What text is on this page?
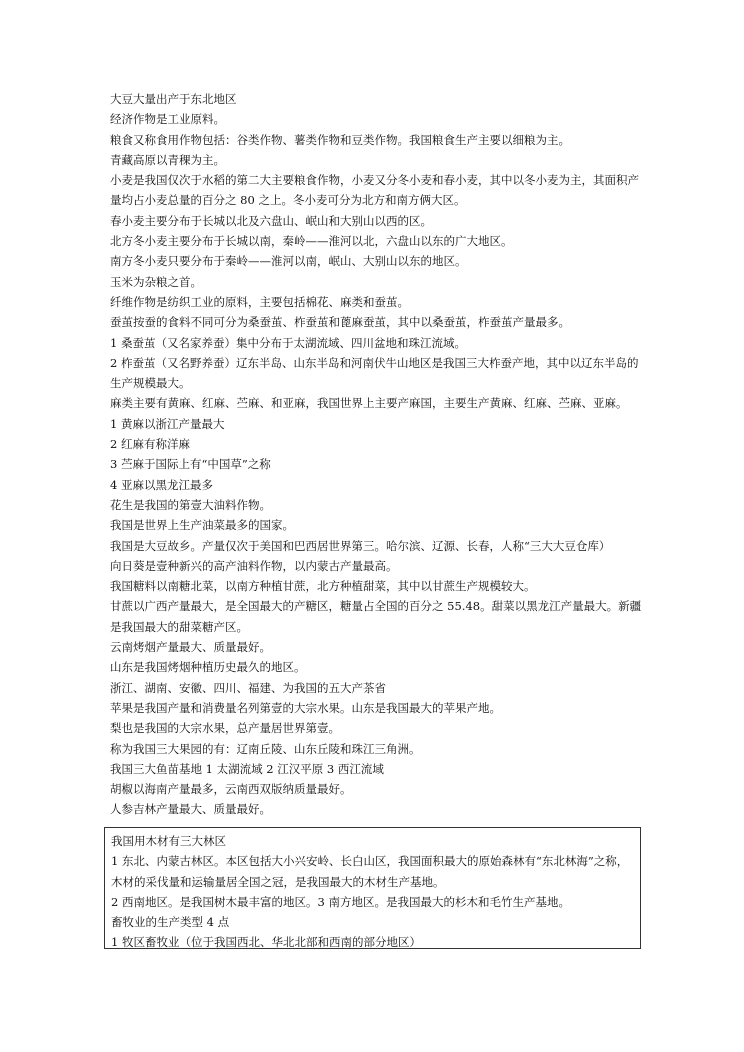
大豆大量出产于东北地区

经济作物是工业原料。

粮食又称食用作物包括：谷类作物、薯类作物和豆类作物。我国粮食生产主要以细粮为主。

青藏高原以青稞为主。

小麦是我国仅次于水稻的第二大主要粮食作物，小麦又分冬小麦和春小麦，其中以冬小麦为主，其面积产量均占小麦总量的百分之 80 之上。冬小麦可分为北方和南方俩大区。

春小麦主要分布于长城以北及六盘山、岷山和大别山以西的区。

北方冬小麦主要分布于长城以南，秦岭——淮河以北，六盘山以东的广大地区。

南方冬小麦只要分布于秦岭——淮河以南，岷山、大别山以东的地区。

玉米为杂粮之首。

纤维作物是纺织工业的原料，主要包括棉花、麻类和蚕茧。

蚕茧按蚕的食料不同可分为桑蚕茧、柞蚕茧和蓖麻蚕茧，其中以桑蚕茧，柞蚕茧产量最多。

1 桑蚕茧（又名家养蚕）集中分布于太湖流域、四川盆地和珠江流域。

2 柞蚕茧（又名野养蚕）辽东半岛、山东半岛和河南伏牛山地区是我国三大柞蚕产地，其中以辽东半岛的生产规模最大。

麻类主要有黄麻、红麻、苎麻、和亚麻，我国世界上主要产麻国，主要生产黄麻、红麻、苎麻、亚麻。

1 黄麻以浙江产量最大

2 红麻有称洋麻

3 苎麻于国际上有“中国草”之称

4 亚麻以黑龙江最多

花生是我国的第壹大油料作物。

我国是世界上生产油菜最多的国家。

我国是大豆故乡。产量仅次于美国和巴西居世界第三。哈尔滨、辽源、长春，人称“三大大豆仓库）

向日葵是壹种新兴的高产油料作物，以内蒙古产量最高。

我国糖料以南糖北菜，以南方种植甘蔗，北方种植甜菜，其中以甘蔗生产规模较大。

甘蔗以广西产量最大，是全国最大的产糖区，糖量占全国的百分之 55.48。甜菜以黑龙江产量最大。新疆是我国最大的甜菜糖产区。

云南烤烟产量最大、质量最好。

山东是我国烤烟种植历史最久的地区。

浙江、湖南、安徽、四川、福建、为我国的五大产茶省

苹果是我国产量和消费量名列第壹的大宗水果。山东是我国最大的苹果产地。

梨也是我国的大宗水果，总产量居世界第壹。

称为我国三大果园的有：辽南丘陵、山东丘陵和珠江三角洲。

我国三大鱼苗基地 1 太湖流域 2 江汉平原 3 西江流域

胡椒以海南产量最多，云南西双版纳质量最好。

人参吉林产量最大、质量最好。

我国用木材有三大林区

1 东北、内蒙古林区。本区包括大小兴安岭、长白山区，我国面积最大的原始森林有“东北林海”之称，木材的采伐量和运输量居全国之冠，是我国最大的木材生产基地。

2 西南地区。是我国树木最丰富的地区。3 南方地区。是我国最大的杉木和毛竹生产基地。

畜牧业的生产类型 4 点

1 牧区畜牧业（位于我国西北、华北北部和西南的部分地区）
